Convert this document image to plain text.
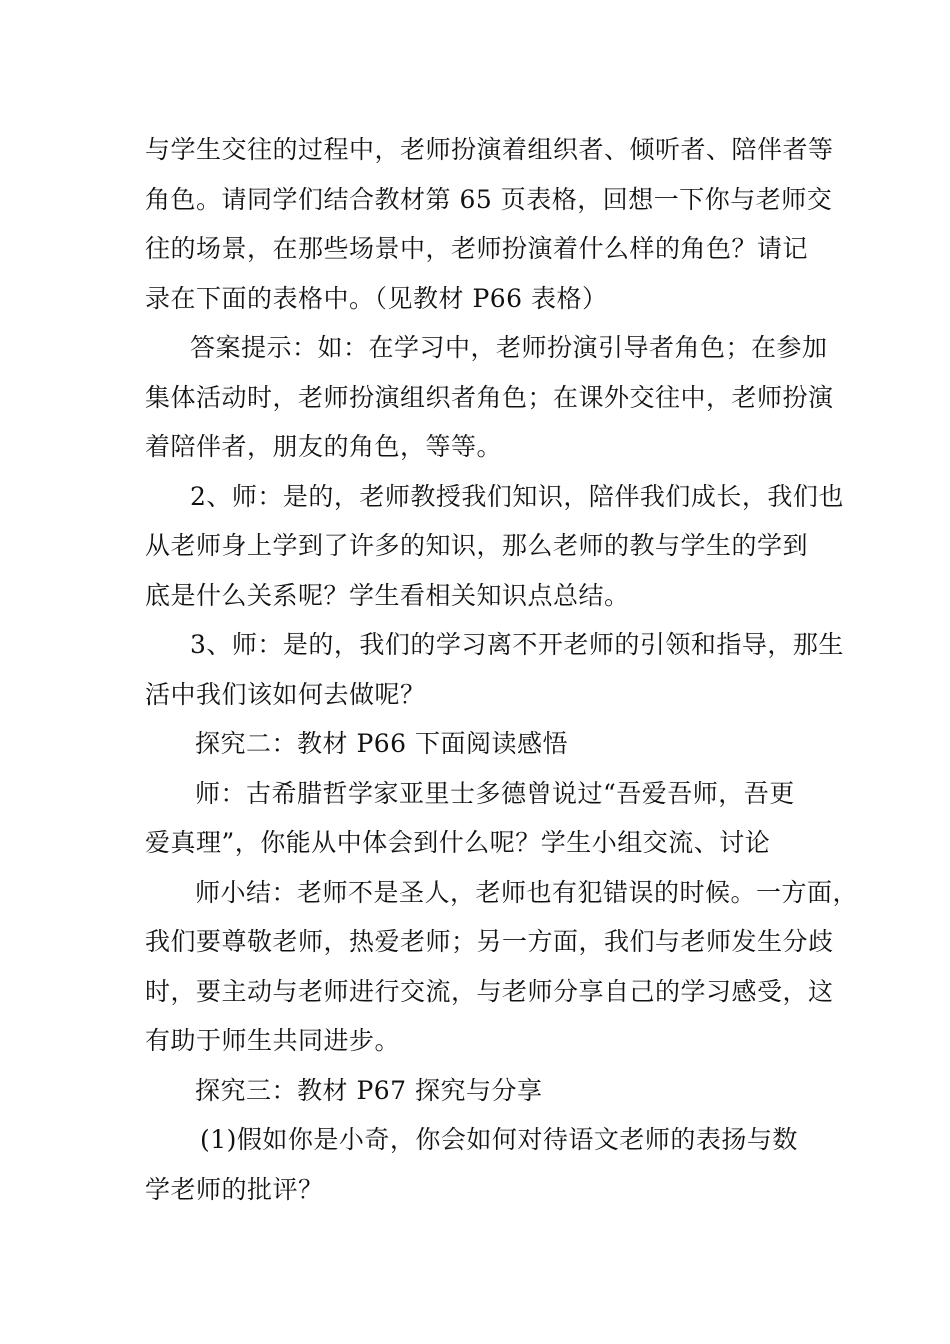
与学生交往的过程中，老师扮演着组织者、倾听者、陪伴者等
角色。请同学们结合教材第 65 页表格，回想一下你与老师交
往的场景，在那些场景中，老师扮演着什么样的角色？请记
录在下面的表格中。（见教材 P66 表格）
答案提示：如：在学习中，老师扮演引导者角色；在参加
集体活动时，老师扮演组织者角色；在课外交往中，老师扮演
着陪伴者，朋友的角色，等等。
2、师：是的，老师教授我们知识，陪伴我们成长，我们也
从老师身上学到了许多的知识，那么老师的教与学生的学到
底是什么关系呢？学生看相关知识点总结。
3、师：是的，我们的学习离不开老师的引领和指导，那生
活中我们该如何去做呢？
探究二：教材 P66 下面阅读感悟
师：古希腊哲学家亚里士多德曾说过“吾爱吾师，吾更
爱真理”，你能从中体会到什么呢？学生小组交流、讨论
师小结：老师不是圣人，老师也有犯错误的时候。一方面，
我们要尊敬老师，热爱老师；另一方面，我们与老师发生分歧
时，要主动与老师进行交流，与老师分享自己的学习感受，这
有助于师生共同进步。
探究三：教材 P67 探究与分享
(1)假如你是小奇，你会如何对待语文老师的表扬与数
学老师的批评？
